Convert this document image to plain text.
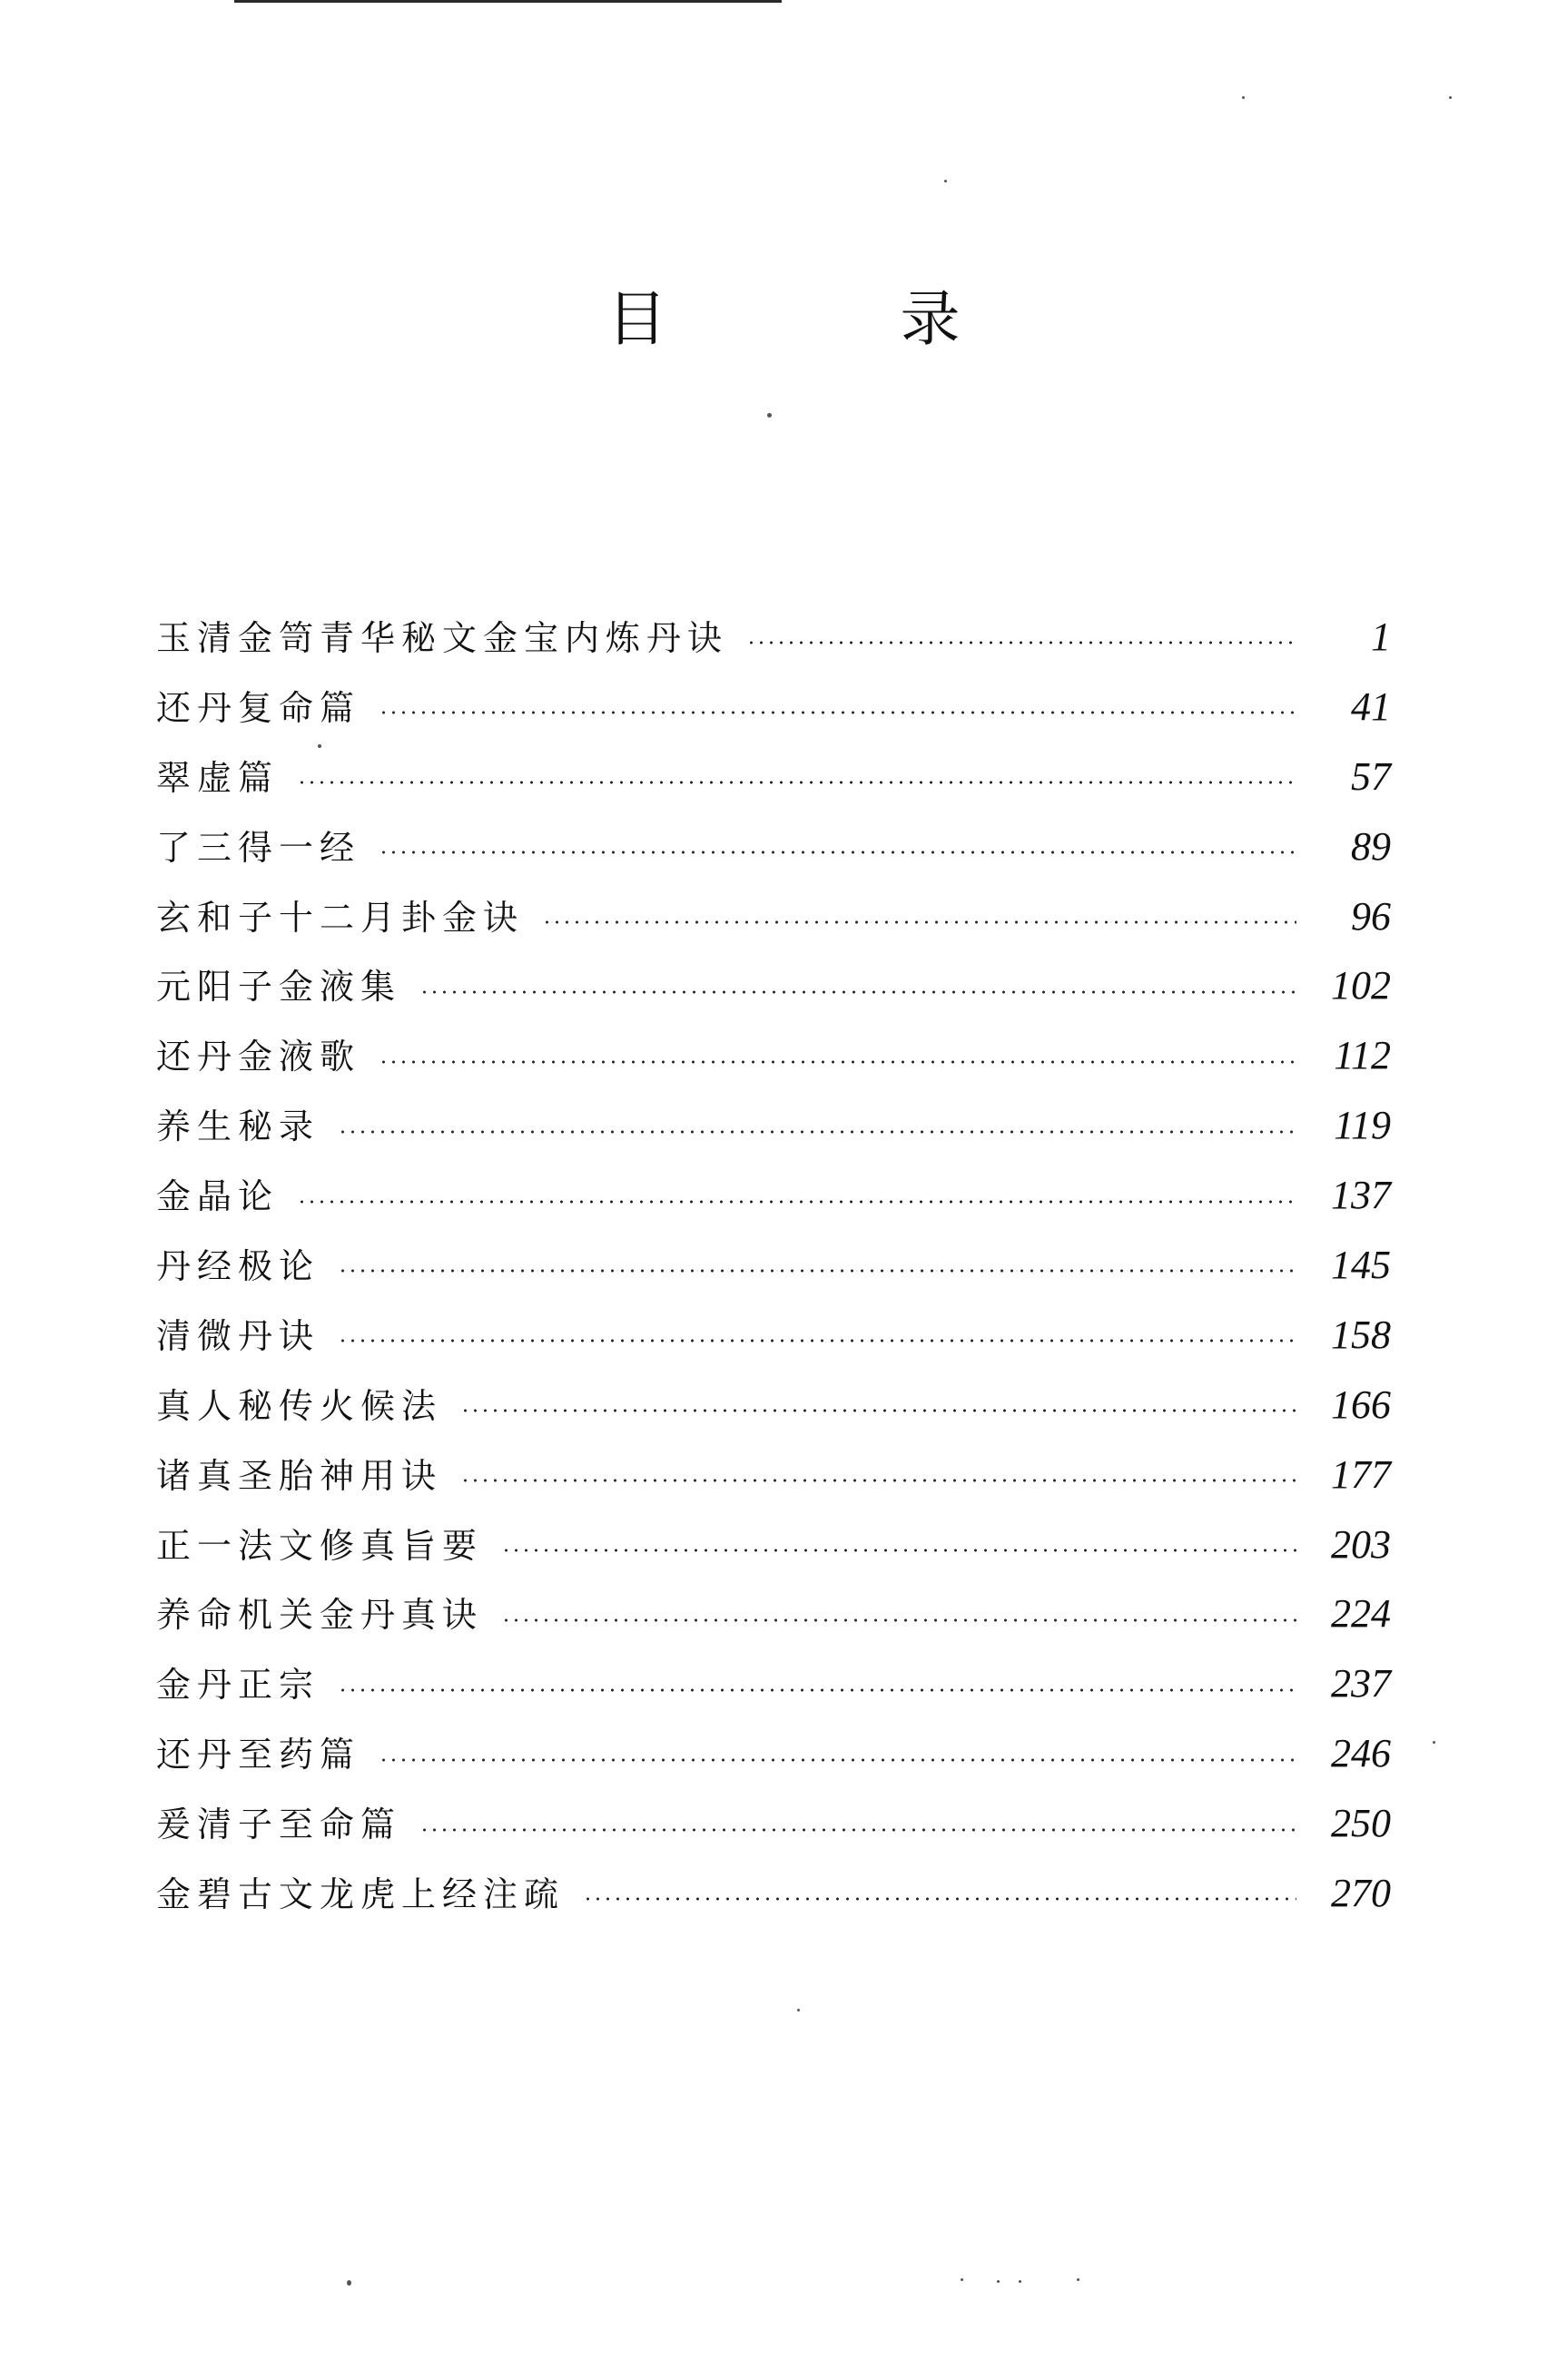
目 录
玉清金笥青华秘文金宝内炼丹诀	1
还丹复命篇	41
翠虚篇	57
了三得一经	89
玄和子十二月卦金诀	96
元阳子金液集	102
还丹金液歌	112
养生秘录	119
金晶论	137
丹经极论	145
清微丹诀	158
真人秘传火候法	166
诸真圣胎神用诀	177
正一法文修真旨要	203
养命机关金丹真诀	224
金丹正宗	237
还丹至药篇	246
爰清子至命篇	250
金碧古文龙虎上经注疏	270
